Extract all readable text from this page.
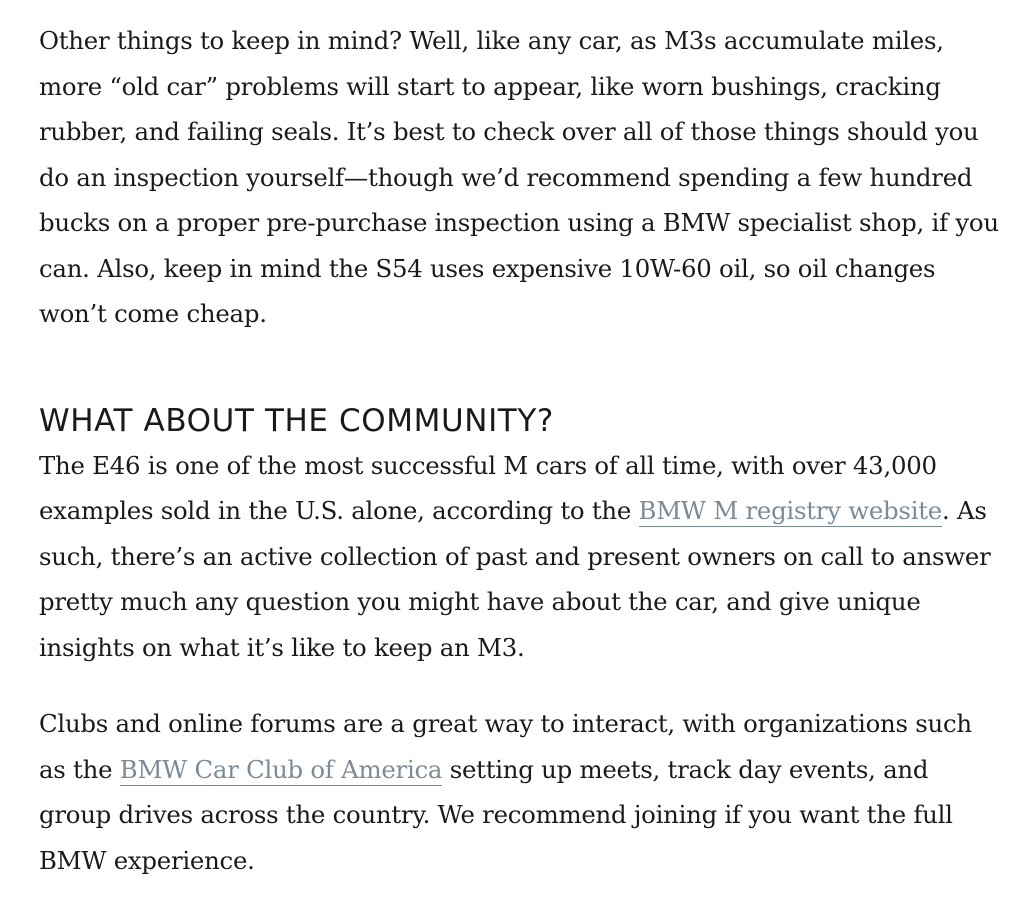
Other things to keep in mind? Well, like any car, as M3s accumulate miles, more “old car” problems will start to appear, like worn bushings, cracking rubber, and failing seals. It’s best to check over all of those things should you do an inspection yourself—though we’d recommend spending a few hundred bucks on a proper pre-purchase inspection using a BMW specialist shop, if you can. Also, keep in mind the S54 uses expensive 10W-60 oil, so oil changes won’t come cheap.

WHAT ABOUT THE COMMUNITY?

The E46 is one of the most successful M cars of all time, with over 43,000 examples sold in the U.S. alone, according to the BMW M registry website. As such, there’s an active collection of past and present owners on call to answer pretty much any question you might have about the car, and give unique insights on what it’s like to keep an M3.

Clubs and online forums are a great way to interact, with organizations such as the BMW Car Club of America setting up meets, track day events, and group drives across the country. We recommend joining if you want the full BMW experience.
